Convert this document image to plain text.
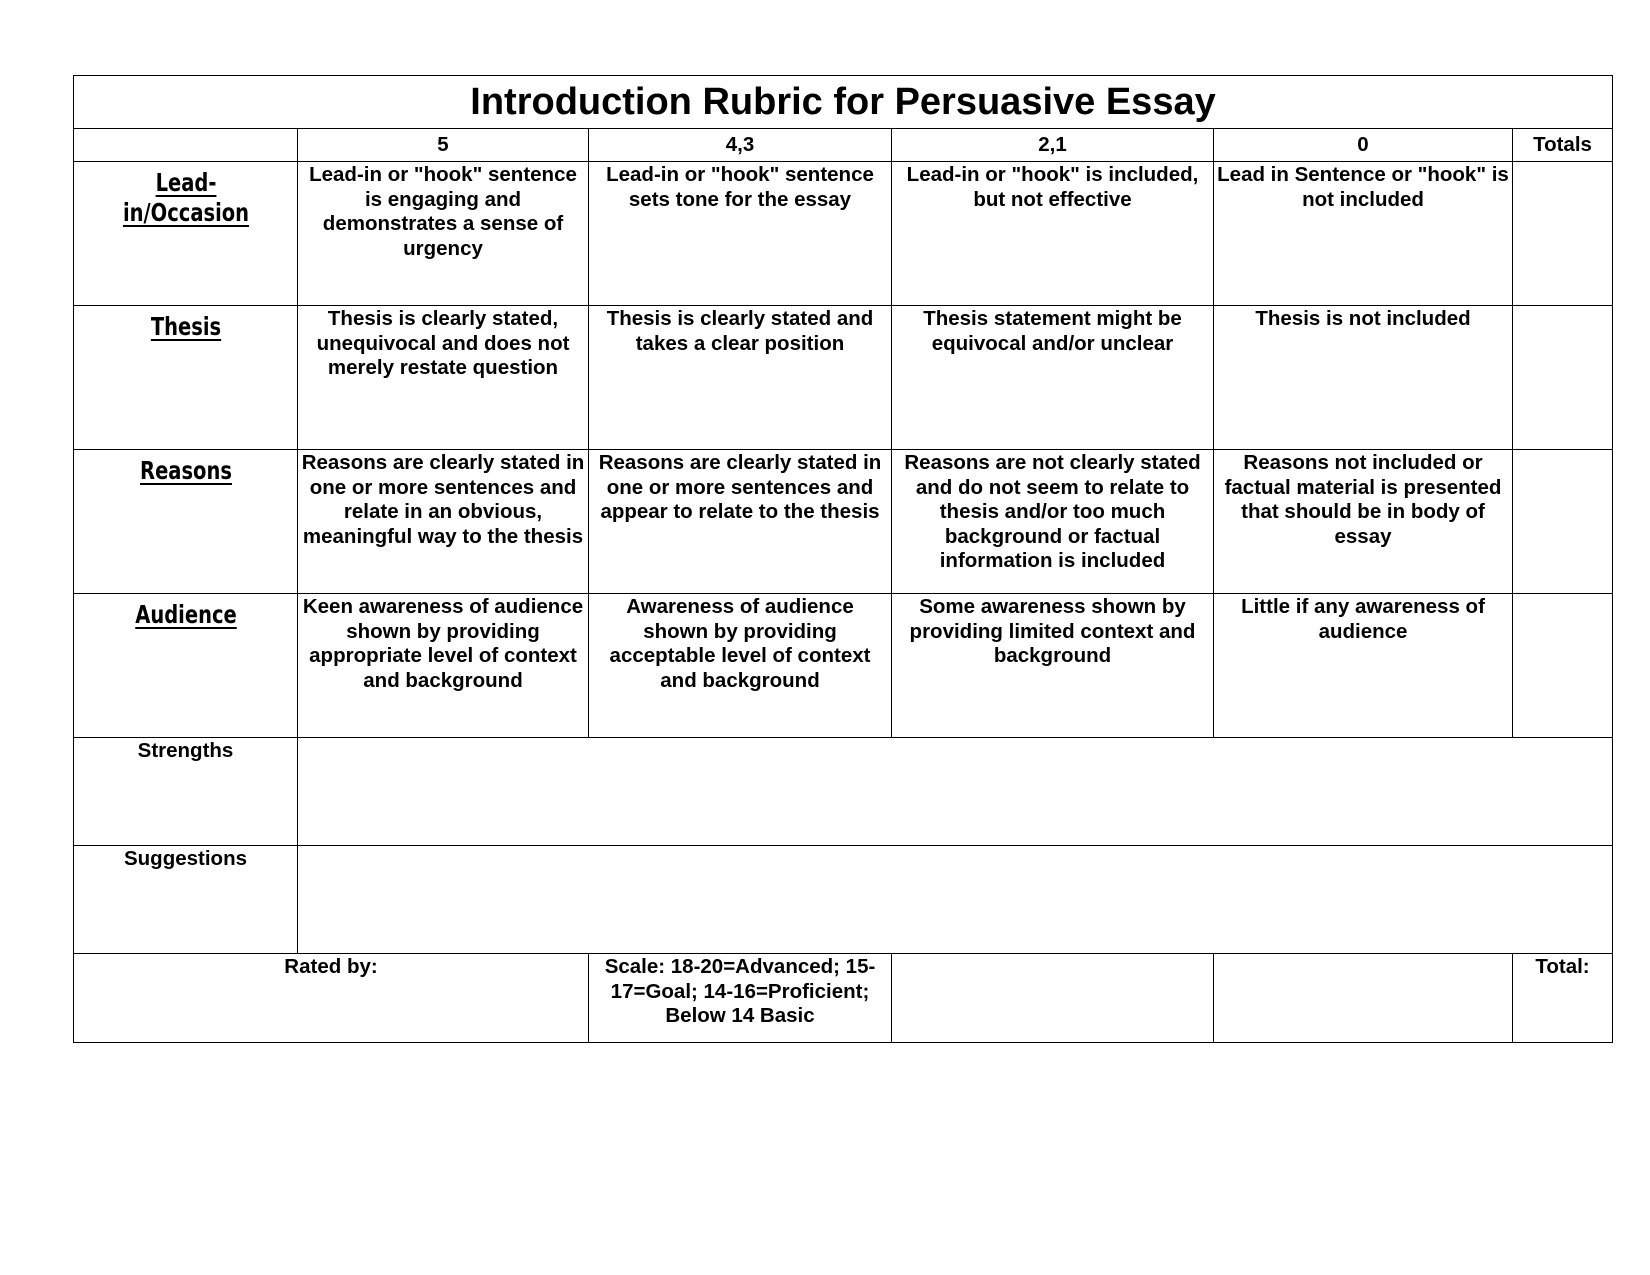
Introduction Rubric for Persuasive Essay					
	5	4,3	2,1	0	Totals
Lead-in/Occasion	Lead-in or "hook" sentence is engaging and demonstrates a sense of urgency	Lead-in or "hook" sentence sets tone for the essay	Lead-in or "hook" is included, but not effective	Lead in Sentence or "hook" is not included	
Thesis	Thesis is clearly stated, unequivocal and does not merely restate question	Thesis is clearly stated and takes a clear position	Thesis statement might be equivocal and/or unclear	Thesis is not included	
Reasons	Reasons are clearly stated in one or more sentences and relate in an obvious, meaningful way to the thesis	Reasons are clearly stated in one or more sentences and appear to relate to the thesis	Reasons are not clearly stated and do not seem to relate to thesis and/or too much background or factual information is included	Reasons not included or factual material is presented that should be in body of essay	
Audience	Keen awareness of audience shown by providing appropriate level of context and background	Awareness of audience shown by providing acceptable level of context and background	Some awareness shown by providing limited context and background	Little if any awareness of audience	
Strengths					
Suggestions					
Rated by:		Scale: 18-20=Advanced; 15-17=Goal; 14-16=Proficient; Below 14 Basic			Total:
